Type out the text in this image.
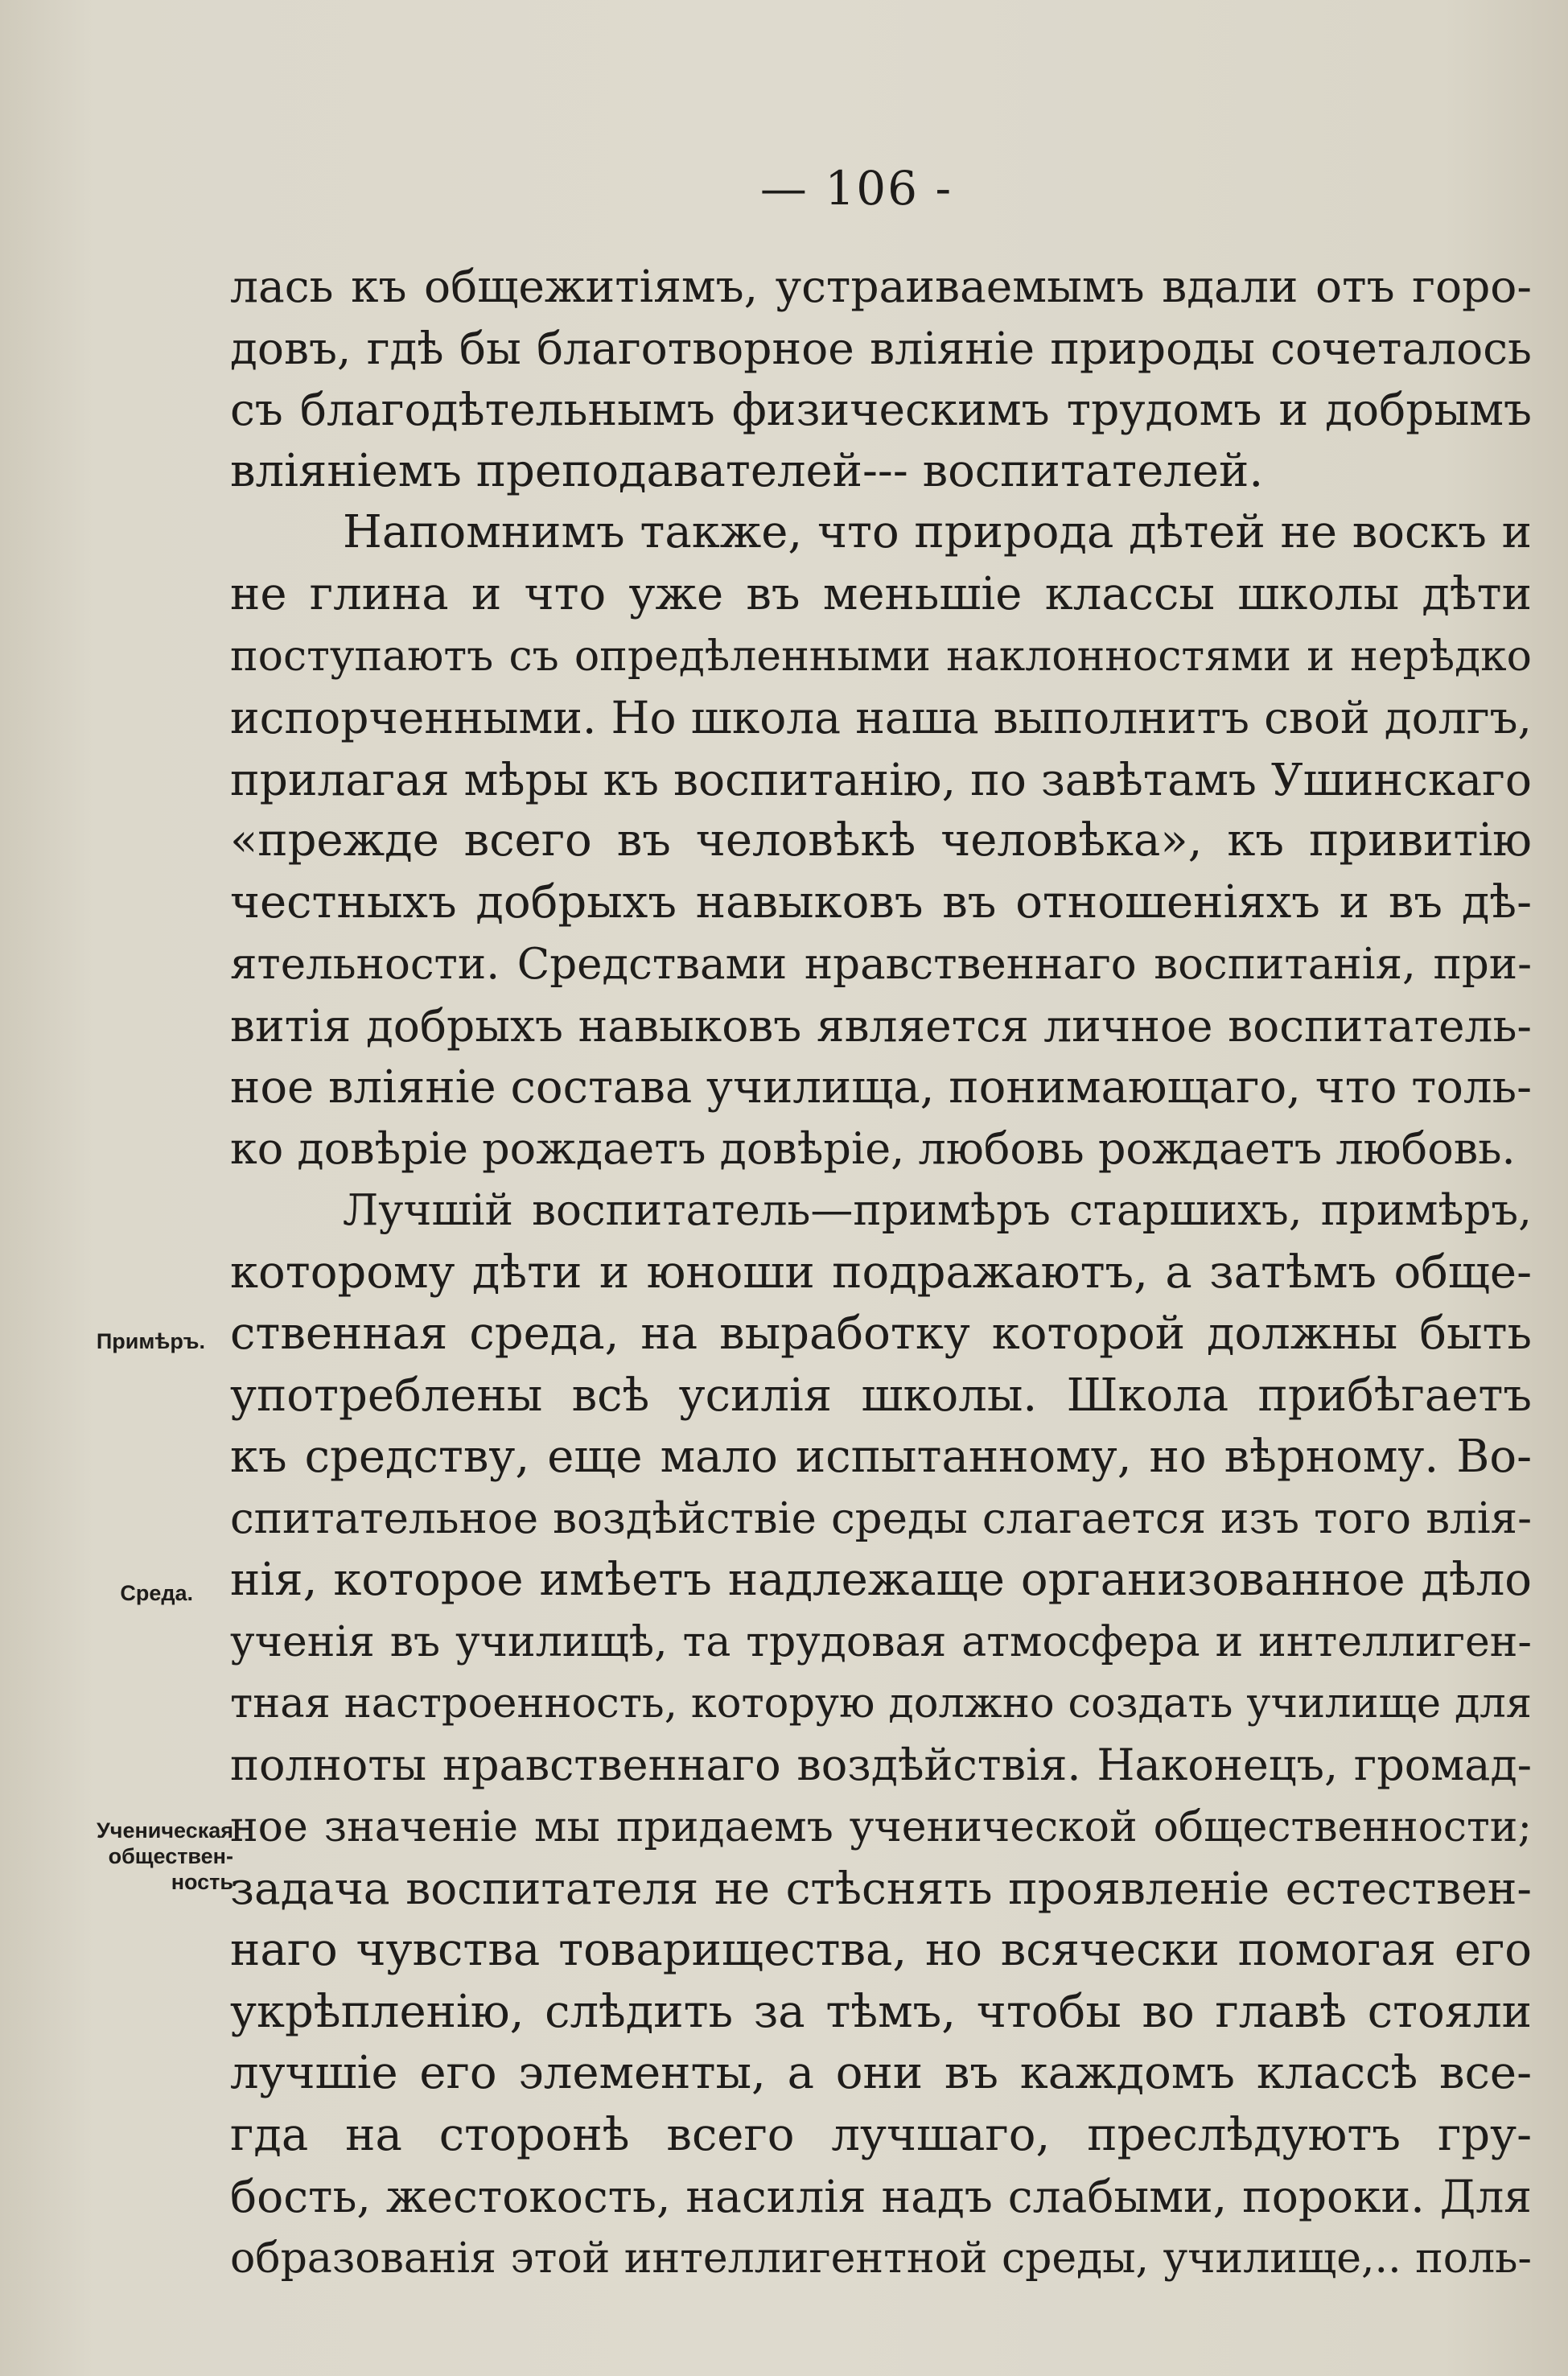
— 106 -
Примѣръ.
Среда.
Ученическая
обществен-
ность
лась къ общежитіямъ, устраиваемымъ вдали отъ горо-
довъ, гдѣ бы благотворное вліяніе природы сочеталось
съ благодѣтельнымъ физическимъ трудомъ и добрымъ
вліяніемъ преподавателей--- воспитателей.
Напомнимъ также, что природа дѣтей не воскъ и
не глина и что уже въ меньшіе классы школы дѣти
поступаютъ съ опредѣленными наклонностями и нерѣдко
испорченными. Но школа наша выполнитъ свой долгъ,
прилагая мѣры къ воспитанію, по завѣтамъ Ушинскаго
«прежде всего въ человѣкѣ человѣка», къ привитію
честныхъ добрыхъ навыковъ въ отношеніяхъ и въ дѣ-
ятельности. Средствами нравственнаго воспитанія, при-
витія добрыхъ навыковъ является личное воспитатель-
ное вліяніе состава училища, понимающаго, что толь-
ко довѣріе рождаетъ довѣріе, любовь рождаетъ любовь.
Лучшій воспитатель—примѣръ старшихъ, примѣръ,
которому дѣти и юноши подражаютъ, а затѣмъ обще-
ственная среда, на выработку которой должны быть
употреблены всѣ усилія школы. Школа прибѣгаетъ
къ средству, еще мало испытанному, но вѣрному. Во-
спитательное воздѣйствіе среды слагается изъ того влія-
нія, которое имѣетъ надлежаще организованное дѣло
ученія въ училищѣ, та трудовая атмосфера и интеллиген-
тная настроенность, которую должно создать училище для
полноты нравственнаго воздѣйствія. Наконецъ, громад-
ное значеніе мы придаемъ ученической общественности;
задача воспитателя не стѣснять проявленіе естествен-
наго чувства товарищества, но всячески помогая его
укрѣпленію, слѣдить за тѣмъ, чтобы во главѣ стояли
лучшіе его элементы, а они въ каждомъ классѣ все-
гда на сторонѣ всего лучшаго, преслѣдуютъ гру-
бость, жестокость, насилія надъ слабыми, пороки. Для
образованія этой интеллигентной среды, училище,.. поль-
